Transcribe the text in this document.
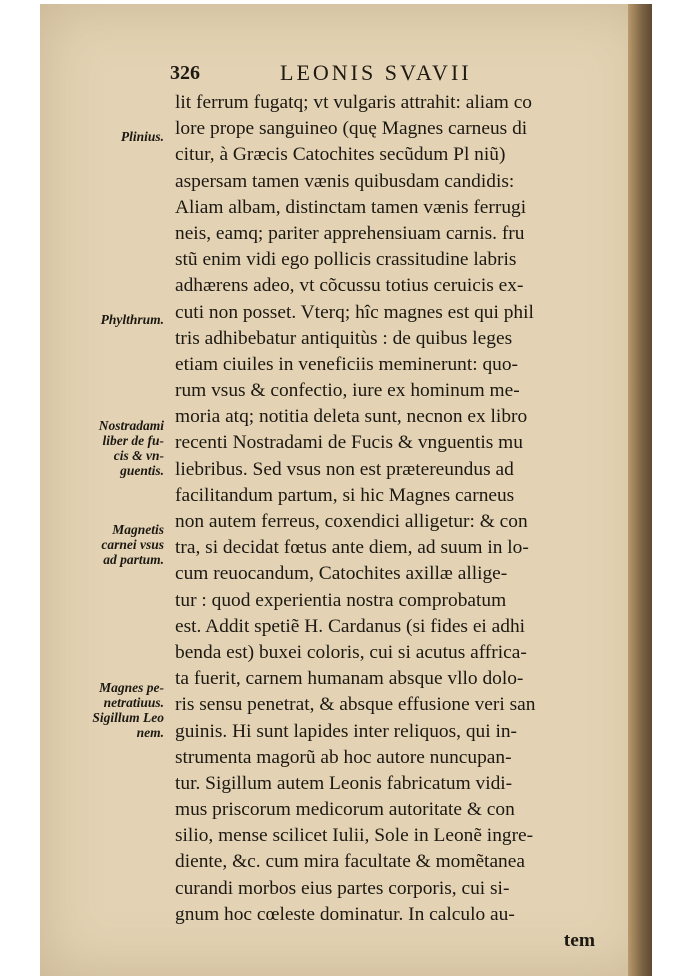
326	LEONIS SVAVII
lit ferrum fugatq; vt vulgaris attrahit: aliam co
lore prope sanguineo (quę Magnes carneus di
citur, à Græcis Catochites secũdum Pl niũ)
aspersam tamen vænis quibusdam candidis:
Aliam albam, distinctam tamen vænis ferrugi
neis, eamq; pariter apprehensiuam carnis. fru
stũ enim vidi ego pollicis crassitudine labris
adhærens adeo, vt cõcussu totius ceruicis ex-
cuti non posset. Vterq; hîc magnes est qui phil
tris adhibebatur antiquitùs : de quibus leges
etiam ciuiles in veneficiis meminerunt: quo-
rum vsus & confectio, iure ex hominum me-
moria atq; notitia deleta sunt, necnon ex libro
recenti Nostradami de Fucis & vnguentis mu
liebribus. Sed vsus non est prætereundus ad
facilitandum partum, si hic Magnes carneus
non autem ferreus, coxendici alligetur: & con
tra, si decidat fœtus ante diem, ad suum in lo-
cum reuocandum, Catochites axillæ allige-
tur : quod experientia nostra comprobatum
est. Addit spetiẽ H. Cardanus (si fides ei adhi
benda est) buxei coloris, cui si acutus affrica-
ta fuerit, carnem humanam absque vllo dolo-
ris sensu penetrat, & absque effusione veri san
guinis. Hi sunt lapides inter reliquos, qui in-
strumenta magorũ ab hoc autore nuncupan-
tur. Sigillum autem Leonis fabricatum vidi-
mus priscorum medicorum autoritate & con
silio, mense scilicet Iulii, Sole in Leonẽ ingre-
diente, &c. cum mira facultate & momẽtanea
curandi morbos eius partes corporis, cui si-
gnum hoc cœleste dominatur. In calculo au-
tem
Plinius.
Phylthrum.
Nostradami
liber de fu-
cis & vn-
guentis.
Magnetis
carnei vsus
ad partum.
Magnes pe-
netratiuus.
Sigillum Leo
nem.
